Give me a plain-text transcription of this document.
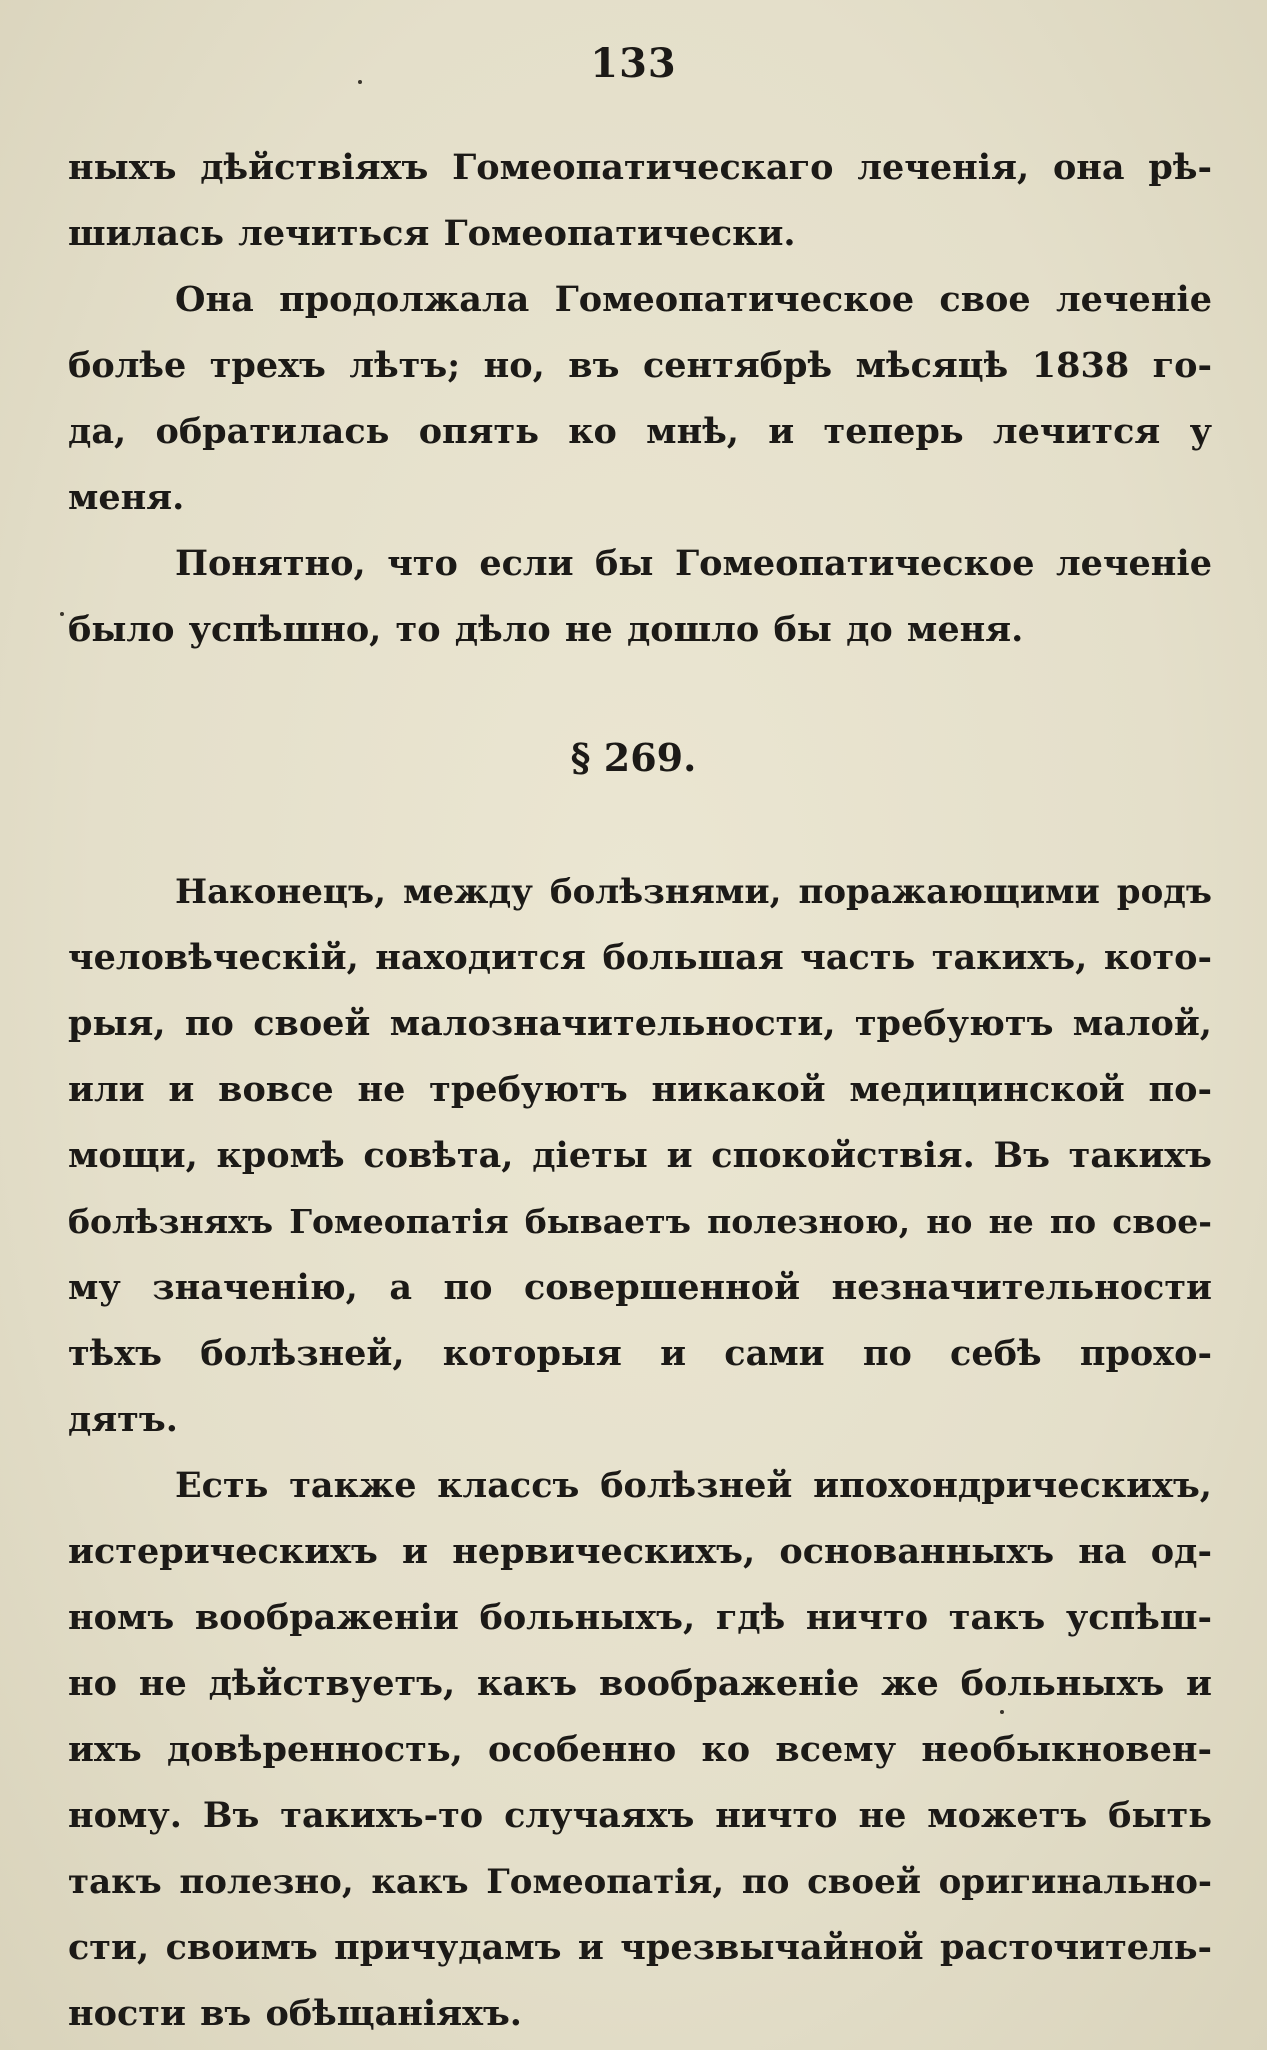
133
ныхъ дѣйствіяхъ Гомеопатическаго леченія, она рѣ-
шилась лечиться Гомеопатически.
Она продолжала Гомеопатическое свое леченіе
болѣе трехъ лѣтъ; но, въ сентябрѣ мѣсяцѣ 1838 го-
да, обратилась опять ко мнѣ, и теперь лечится у
меня.
Понятно, что если бы Гомеопатическое леченіе
было успѣшно, то дѣло не дошло бы до меня.
§ 269.
Наконецъ, между болѣзнями, поражающими родъ
человѣческій, находится большая часть такихъ, кото-
рыя, по своей малозначительности, требуютъ малой,
или и вовсе не требуютъ никакой медицинской по-
мощи, кромѣ совѣта, діеты и спокойствія. Въ такихъ
болѣзняхъ Гомеопатія бываетъ полезною, но не по свое-
му значенію, а по совершенной незначительности
тѣхъ болѣзней, которыя и сами по себѣ прохо-
дятъ.
Есть также классъ болѣзней ипохондрическихъ,
истерическихъ и нервическихъ, основанныхъ на од-
номъ воображеніи больныхъ, гдѣ ничто такъ успѣш-
но не дѣйствуетъ, какъ воображеніе же больныхъ и
ихъ довѣренность, особенно ко всему необыкновен-
ному. Въ такихъ-то случаяхъ ничто не можетъ быть
такъ полезно, какъ Гомеопатія, по своей оригинально-
сти, своимъ причудамъ и чрезвычайной расточитель-
ности въ обѣщаніяхъ.
